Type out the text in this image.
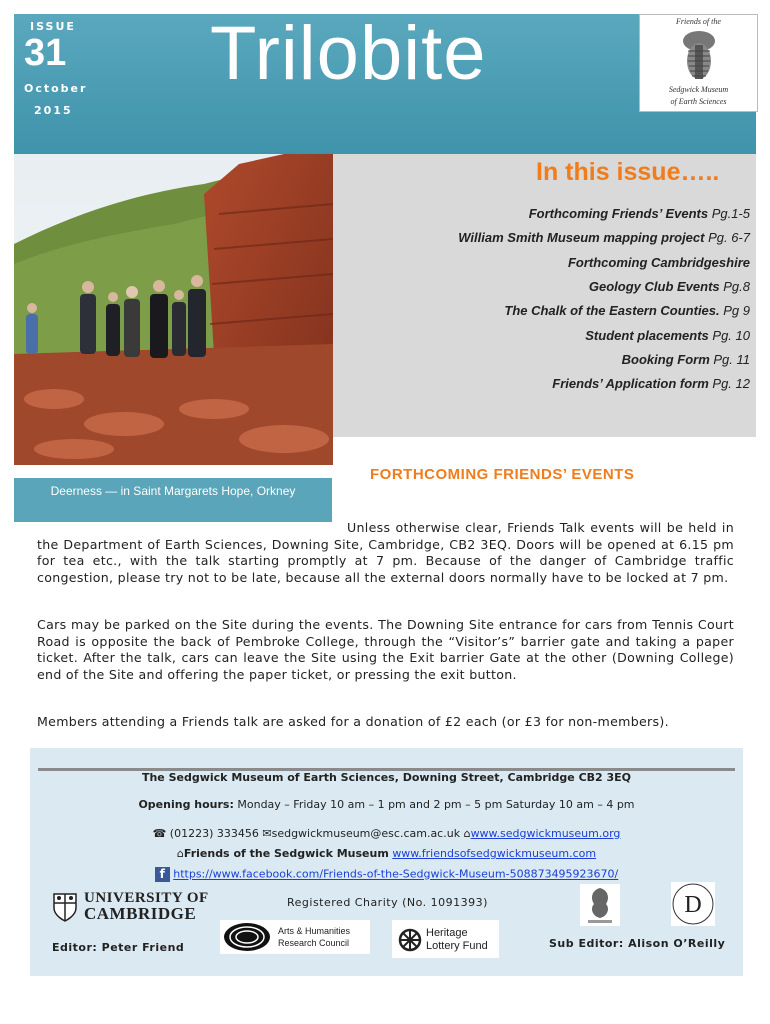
ISSUE
31
October
2015
Trilobite	Friends of the
Sedgwick Museum
of Earth Sciences
In this issue…..
Forthcoming Friends’ Events Pg.1-5
William Smith Museum mapping project Pg. 6-7
Forthcoming Cambridgeshire
Geology Club Events Pg.8
The Chalk of the Eastern Counties. Pg 9
Student placements Pg. 10
Booking Form Pg. 11
Friends’ Application form Pg. 12
Deerness — in Saint Margarets Hope, Orkney
FORTHCOMING FRIENDS’ EVENTS
Unless otherwise clear, Friends Talk events will be held in the Department of Earth Sciences, Downing Site, Cambridge, CB2 3EQ. Doors will be opened at 6.15 pm for tea etc., with the talk starting promptly at 7 pm. Because of the danger of Cambridge traffic congestion, please try not to be late, because all the external doors normally have to be locked at 7 pm.
Cars may be parked on the Site during the events. The Downing Site entrance for cars from Tennis Court Road is opposite the back of Pembroke College, through the “Visitor’s” barrier gate and taking a paper ticket. After the talk, cars can leave the Site using the Exit barrier Gate at the other (Downing College) end of the Site and offering the paper ticket, or pressing the exit button.
Members attending a Friends talk are asked for a donation of £2 each (or £3 for non-members).
The Sedgwick Museum of Earth Sciences, Downing Street, Cambridge CB2 3EQ
Opening hours: Monday – Friday 10 am – 1 pm and 2 pm – 5 pm Saturday 10 am – 4 pm
☎ (01223) 333456 ✉sedgwickmuseum@esc.cam.ac.uk ⌂www.sedgwickmuseum.org
⌂Friends of the Sedgwick Museum www.friendsofsedgwickmuseum.com
f https://www.facebook.com/Friends-of-the-Sedgwick-Museum-508873495923670/
UNIVERSITY OF
CAMBRIDGE
Registered Charity (No. 1091393)
Arts & Humanities
Research Council
Heritage
Lottery Fund
D
Editor: Peter Friend	Sub Editor: Alison O’Reilly
